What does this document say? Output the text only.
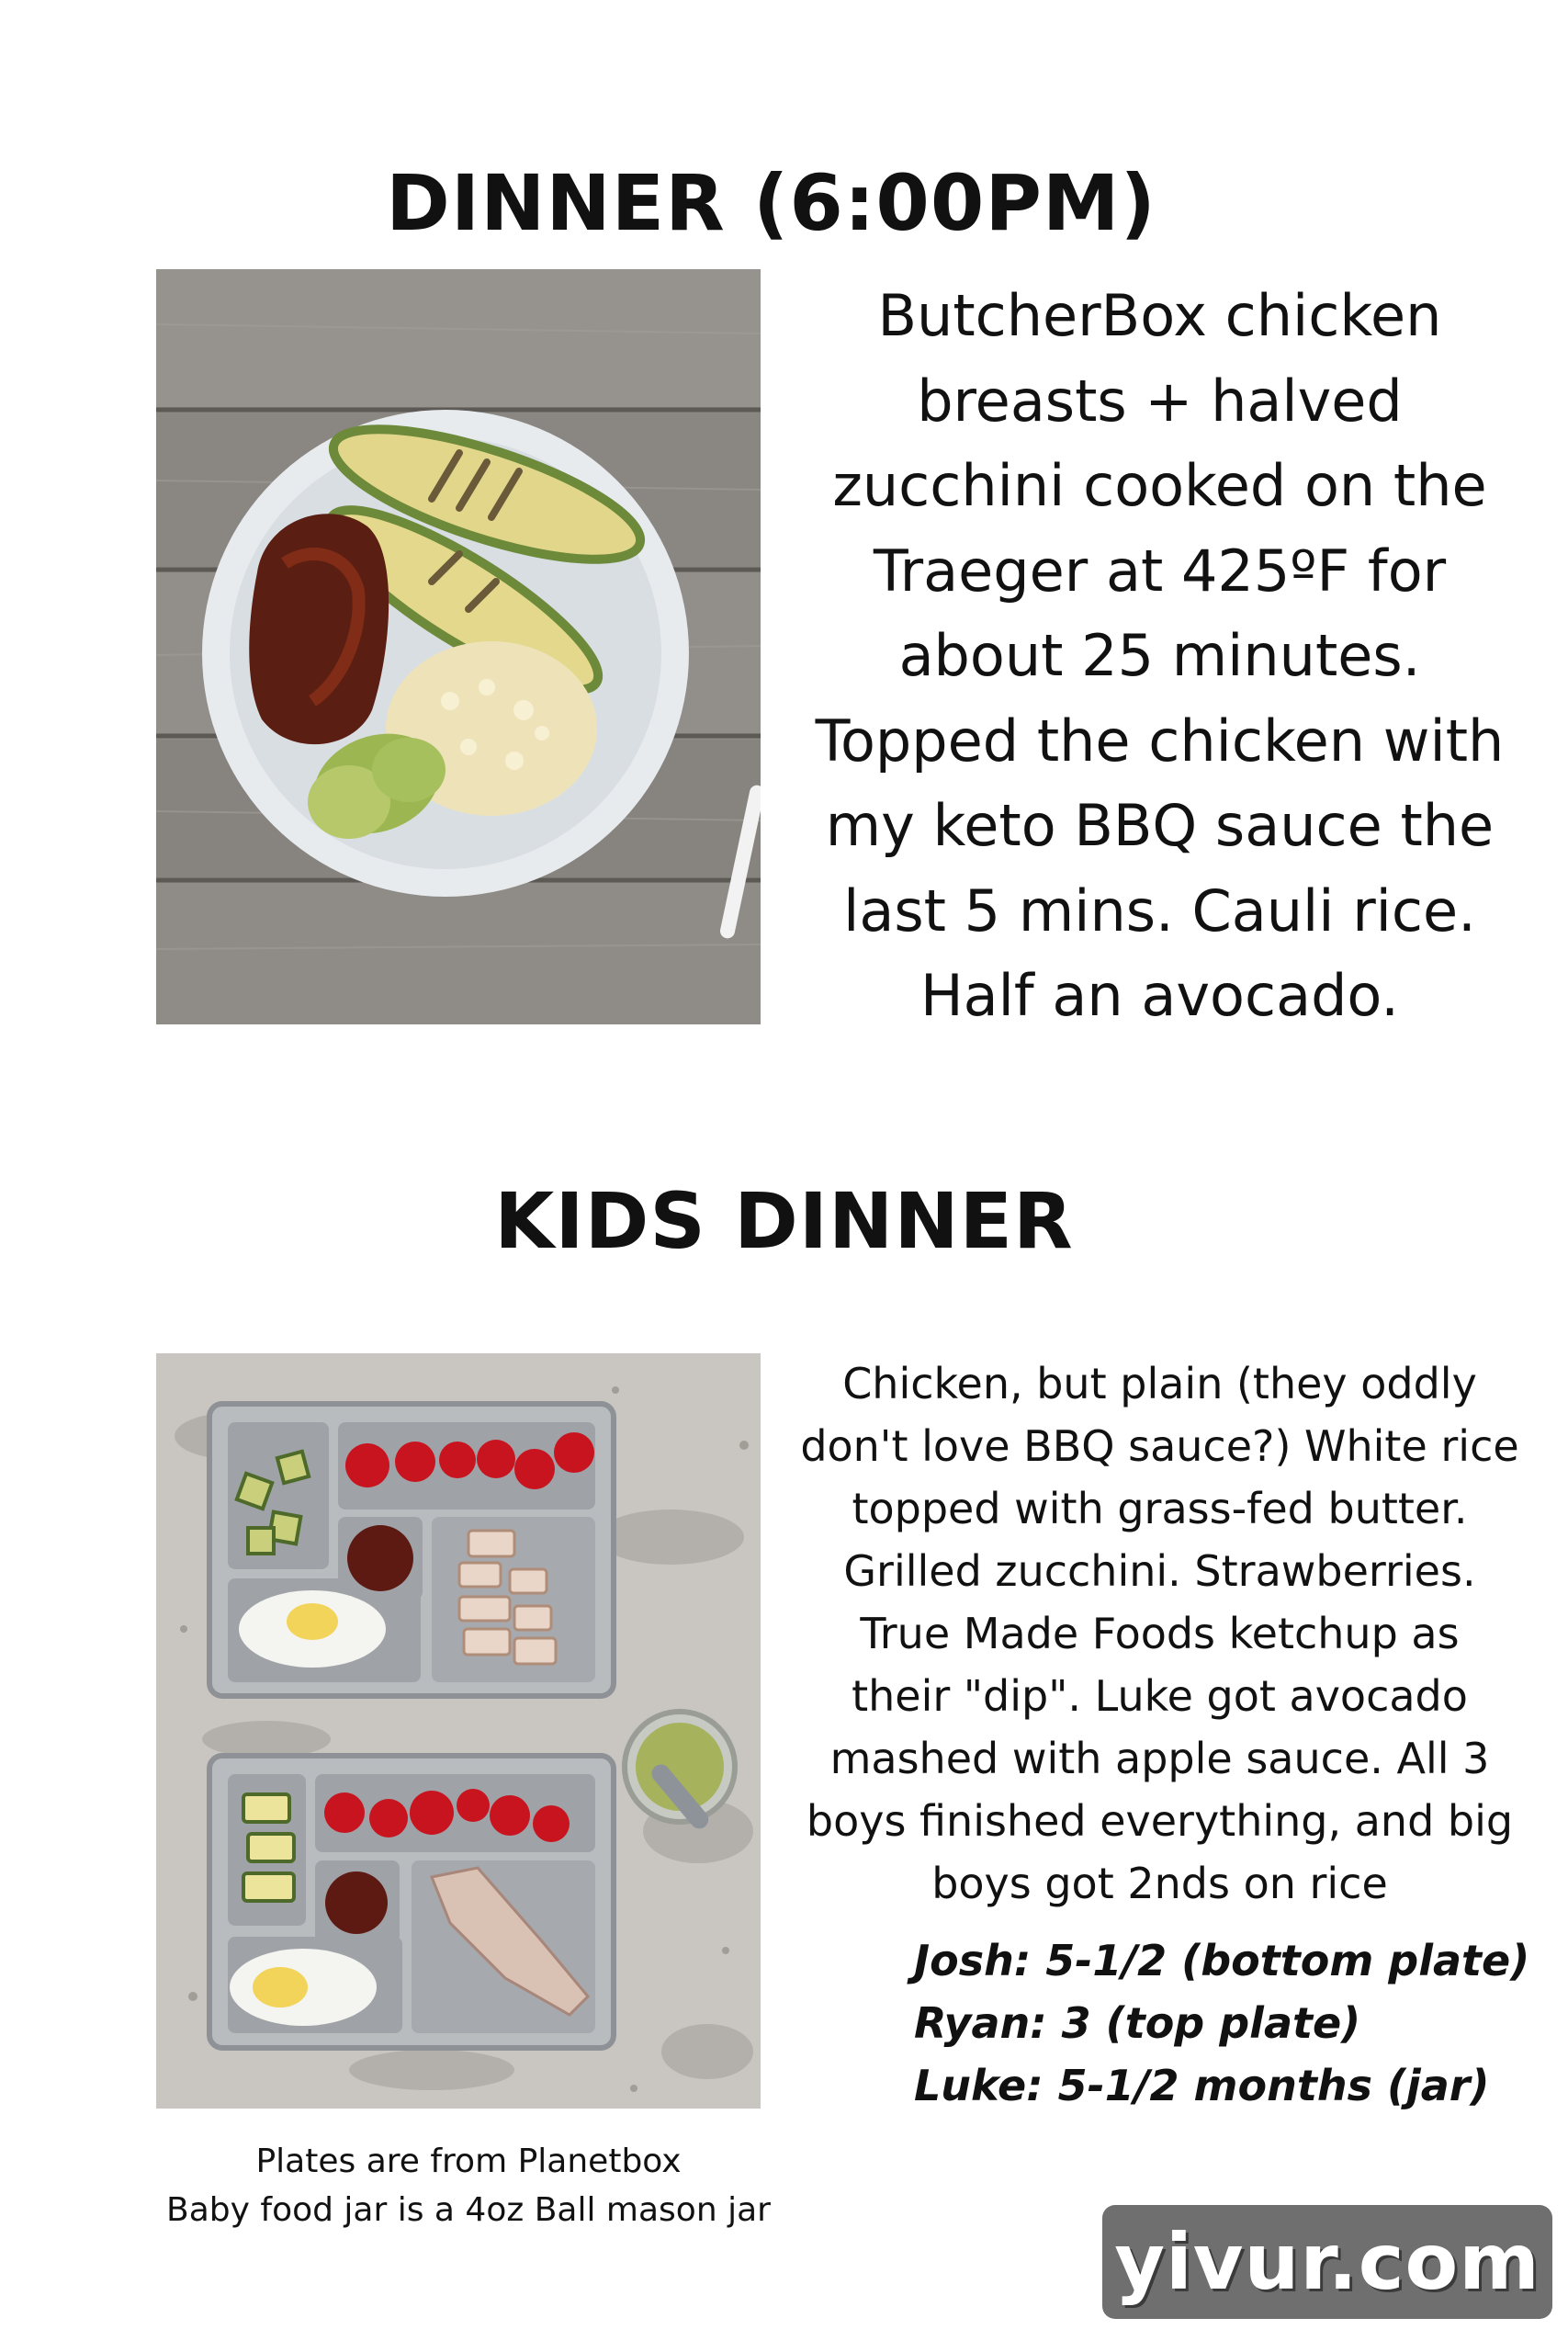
DINNER (6:00PM)
ButcherBox chicken
breasts + halved
zucchini cooked on the
Traeger at 425ºF for
about 25 minutes.
Topped the chicken with
my keto BBQ sauce the
last 5 mins. Cauli rice.
Half an avocado.
KIDS DINNER
Chicken, but plain (they oddly
don't love BBQ sauce?) White rice
topped with grass-fed butter.
Grilled zucchini. Strawberries.
True Made Foods ketchup as
their "dip". Luke got avocado
mashed with apple sauce. All 3
boys finished everything, and big
boys got 2nds on rice
Josh: 5-1/2 (bottom plate)
Ryan: 3 (top plate)
Luke: 5-1/2 months (jar)
Plates are from Planetbox
Baby food jar is a 4oz Ball mason jar
yivur.com
